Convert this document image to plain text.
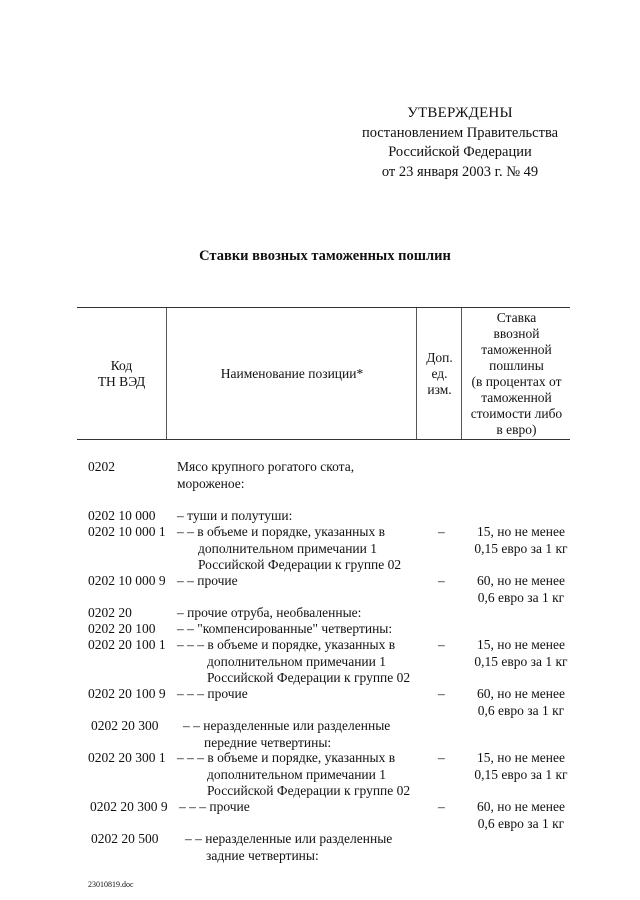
УТВЕРЖДЕНЫ
постановлением Правительства
Российской Федерации
от 23 января 2003 г. № 49
Ставки ввозных таможенных пошлин
Код
ТН ВЭД
Наименование позиции*
Доп.
ед.
изм.
Ставка
ввозной
таможенной
пошлины
(в процентах от
таможенной
стоимости либо
в евро)
0202	Мясо крупного рогатого скота,
мороженое:
0202 10 000 – туши и полутуши:
0202 10 000 1 – – в объеме и порядке, указанных в
дополнительном примечании 1
Российской Федерации к группе 02
–	15, но не менее
0,15 евро за 1 кг
0202 10 000 9 – – прочие	–	60, но не менее
0,6 евро за 1 кг
0202 20	– прочие отруба, необваленные:
0202 20 100 – – "компенсированные" четвертины:
0202 20 100 1 – – – в объеме и порядке, указанных в
дополнительном примечании 1
Российской Федерации к группе 02
–	15, но не менее
0,15 евро за 1 кг
0202 20 100 9 – – – прочие	–	60, но не менее
0,6 евро за 1 кг
0202 20 300 – – неразделенные или разделенные
передние четвертины:
0202 20 300 1 – – – в объеме и порядке, указанных в
дополнительном примечании 1
Российской Федерации к группе 02
–	15, но не менее
0,15 евро за 1 кг
0202 20 300 9 – – – прочие	–	60, но не менее
0,6 евро за 1 кг
0202 20 500 – – неразделенные или разделенные
задние четвертины:
23010819.doc
